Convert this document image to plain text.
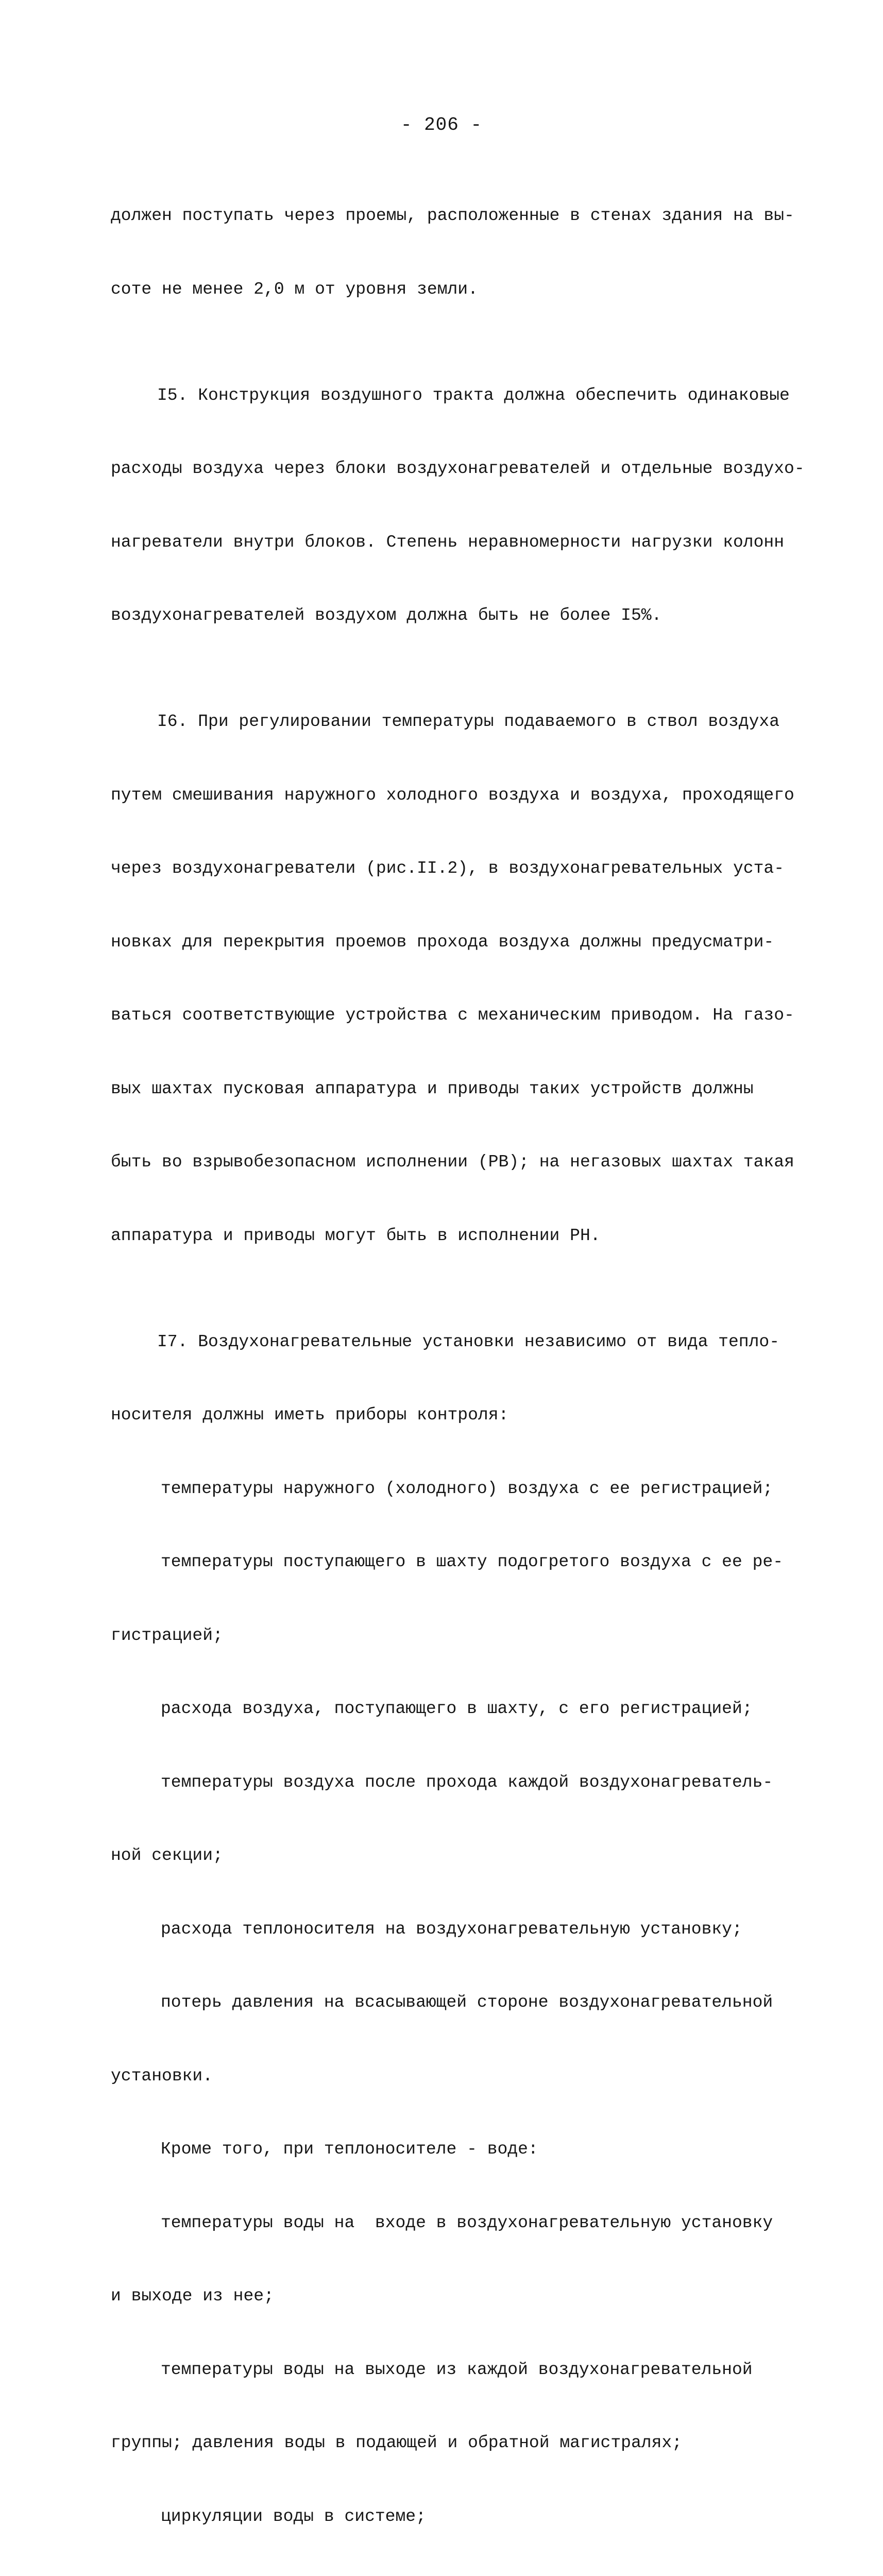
- 206 -

должен поступать через проемы, расположенные в стенах здания на вы-

соте не менее 2,0 м от уровня земли.

I5. Конструкция воздушного тракта должна обеспечить одинаковые

расходы воздуха через блоки воздухонагревателей и отдельные воздухо-

нагреватели внутри блоков. Степень неравномерности нагрузки колонн

воздухонагревателей воздухом должна быть не более I5%.

I6. При регулировании температуры подаваемого в ствол воздуха

путем смешивания наружного холодного воздуха и воздуха, проходящего

через воздухонагреватели (рис.II.2), в воздухонагревательных уста-

новках для перекрытия проемов прохода воздуха должны предусматри-

ваться соответствующие устройства с механическим приводом. На газо-

вых шахтах пусковая аппаратура и приводы таких устройств должны

быть во взрывобезопасном исполнении (PB); на негазовых шахтах такая

аппаратура и приводы могут быть в исполнении PH.

I7. Воздухонагревательные установки независимо от вида тепло-

носителя должны иметь приборы контроля:

температуры наружного (холодного) воздуха с ее регистрацией;

температуры поступающего в шахту подогретого воздуха с ее ре-

гистрацией;

расхода воздуха, поступающего в шахту, с его регистрацией;

температуры воздуха после прохода каждой воздухонагреватель-

ной секции;

расхода теплоносителя на воздухонагревательную установку;

потерь давления на всасывающей стороне воздухонагревательной

установки.

Кроме того, при теплоносителе - воде:

температуры воды на  входе в воздухонагревательную установку

и выходе из нее;

температуры воды на выходе из каждой воздухонагревательной

группы; давления воды в подающей и обратной магистралях;

циркуляции воды в системе;
